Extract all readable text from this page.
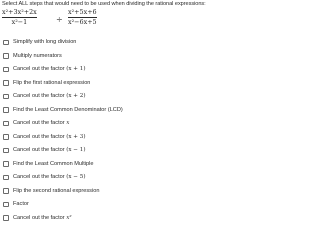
Select ALL steps that would need to be used when dividing the rational expressions:
x²+3x²+2x
x²−1	÷
x²+5x+6
x²−6x+5
Simplify with long division
Multiply numerators
Cancel out the factor (x + 1)
Flip the first rational expression
Cancel out the factor (x + 2)
Find the Least Common Denominator (LCD)
Cancel out the factor x
Cancel out the factor (x + 3)
Cancel out the factor (x − 1)
Find the Least Common Multiple
Cancel out the factor (x − 5)
Flip the second rational expression
Factor
Cancel out the factor x²
